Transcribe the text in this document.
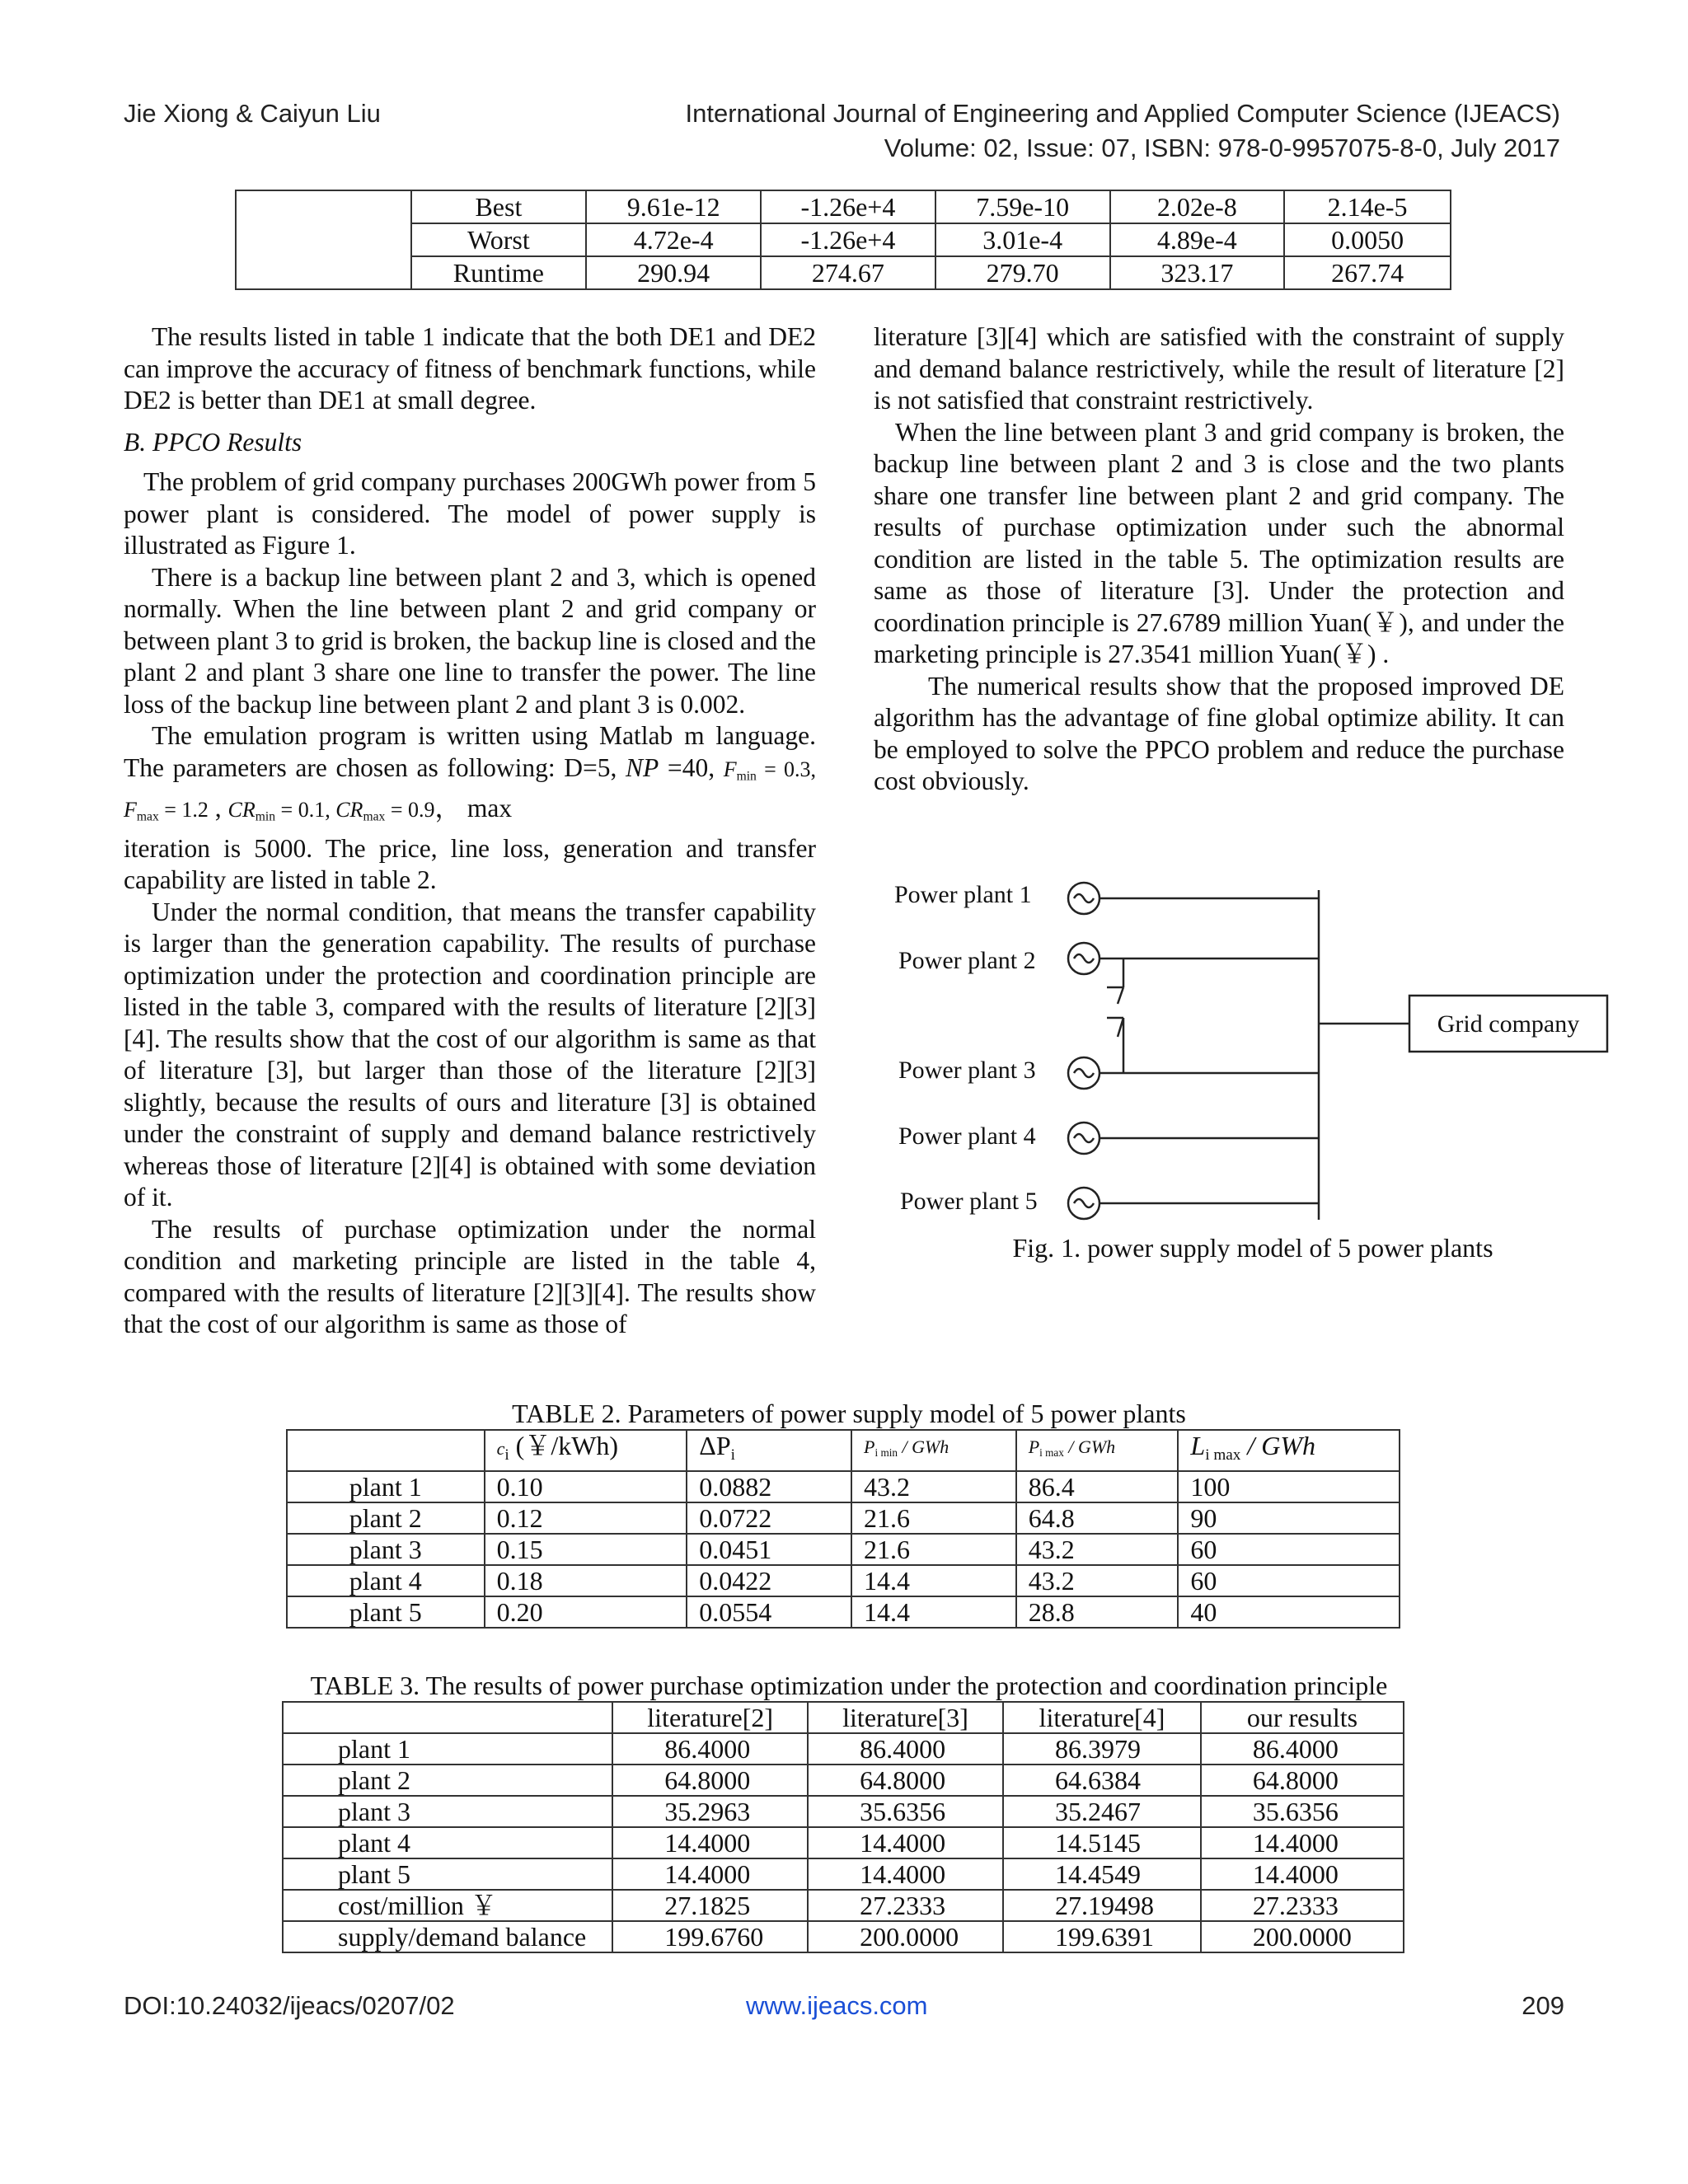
Jie Xiong & Caiyun Liu	International Journal of Engineering and Applied Computer Science (IJEACS)
Volume: 02, Issue: 07, ISBN: 978-0-9957075-8-0, July 2017
	Best	9.61e-12	-1.26e+4	7.59e-10	2.02e-8	2.14e-5
	Worst	4.72e-4	-1.26e+4	3.01e-4	4.89e-4	0.0050
	Runtime	290.94	274.67	279.70	323.17	267.74

The results listed in table 1 indicate that the both DE1 and DE2 can improve the accuracy of fitness of benchmark functions, while DE2 is better than DE1 at small degree.

B. PPCO Results

The problem of grid company purchases 200GWh power from 5 power plant is considered. The model of power supply is illustrated as Figure 1.

There is a backup line between plant 2 and 3, which is opened normally. When the line between plant 2 and grid company or between plant 3 to grid is broken, the backup line is closed and the plant 2 and plant 3 share one line to transfer the power. The line loss of the backup line between plant 2 and plant 3 is 0.002.

The emulation program is written using Matlab m language. The parameters are chosen as following: D=5, NP =40, $F_{min} = 0.3$, $F_{max} = 1.2$ , $CR_{min} = 0.1$, $CR_{max} = 0.9$， max

iteration is 5000. The price, line loss, generation and transfer capability are listed in table 2.

Under the normal condition, that means the transfer capability is larger than the generation capability. The results of purchase optimization under the protection and coordination principle are listed in the table 3, compared with the results of literature [2][3][4]. The results show that the cost of our algorithm is same as that of literature [3], but larger than those of the literature [2][3] slightly, because the results of ours and literature [3] is obtained under the constraint of supply and demand balance restrictively whereas those of literature [2][4] is obtained with some deviation of it.

The results of purchase optimization under the normal condition and marketing principle are listed in the table 4, compared with the results of literature [2][3][4]. The results show that the cost of our algorithm is same as those of

literature [3][4] which are satisfied with the constraint of supply and demand balance restrictively, while the result of literature [2] is not satisfied that constraint restrictively.

When the line between plant 3 and grid company is broken, the backup line between plant 2 and 3 is close and the two plants share one transfer line between plant 2 and grid company. The results of purchase optimization under such the abnormal condition are listed in the table 5. The optimization results are same as those of literature [3]. Under the protection and coordination principle is 27.6789 million Yuan(￥), and under the marketing principle is 27.3541 million Yuan(￥) .

The numerical results show that the proposed improved DE algorithm has the advantage of fine global optimize ability. It can be employed to solve the PPCO problem and reduce the purchase cost obviously.

Power plant 1
Power plant 2
Power plant 3
Power plant 4
Power plant 5
Grid company
Fig. 1. power supply model of 5 power plants
TABLE 2. Parameters of power supply model of 5 power plants
	$c_i$ (￥/kWh)	$\Delta P_i$	$P_{i min}$ / GWh	$P_{i max}$ / GWh	$L_{i max}$ / GWh
plant 1	0.10	0.0882	43.2	86.4	100
plant 2	0.12	0.0722	21.6	64.8	90
plant 3	0.15	0.0451	21.6	43.2	60
plant 4	0.18	0.0422	14.4	43.2	60
plant 5	0.20	0.0554	14.4	28.8	40
TABLE 3. The results of power purchase optimization under the protection and coordination principle
	literature[2]	literature[3]	literature[4]	our results
plant 1	86.4000	86.4000	86.3979	86.4000
plant 2	64.8000	64.8000	64.6384	64.8000
plant 3	35.2963	35.6356	35.2467	35.6356
plant 4	14.4000	14.4000	14.5145	14.4000
plant 5	14.4000	14.4000	14.4549	14.4000
cost/million ￥	27.1825	27.2333	27.19498	27.2333
supply/demand balance	199.6760	200.0000	199.6391	200.0000
DOI:10.24032/ijeacs/0207/02	www.ijeacs.com	209
